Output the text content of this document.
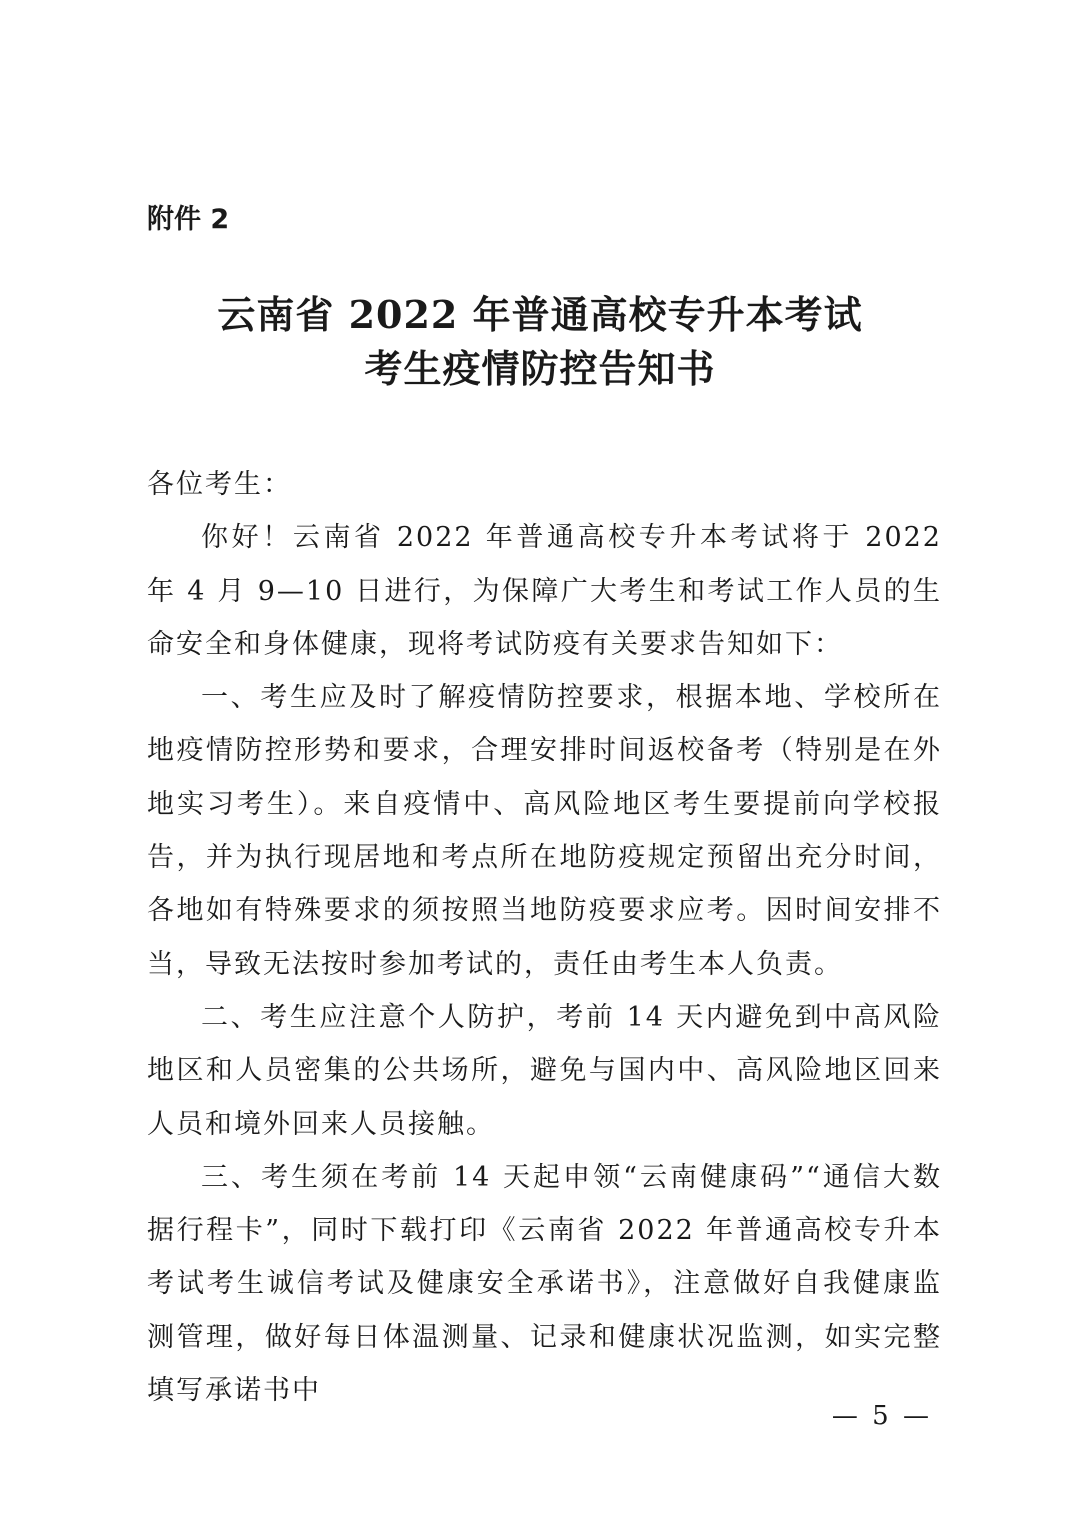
附件 2

云南省 2022 年普通高校专升本考试
考生疫情防控告知书

各位考生：

你好！云南省 2022 年普通高校专升本考试将于 2022 年 4 月 9—10 日进行，为保障广大考生和考试工作人员的生命安全和身体健康，现将考试防疫有关要求告知如下：

一、考生应及时了解疫情防控要求，根据本地、学校所在地疫情防控形势和要求，合理安排时间返校备考（特别是在外地实习考生）。来自疫情中、高风险地区考生要提前向学校报告，并为执行现居地和考点所在地防疫规定预留出充分时间，各地如有特殊要求的须按照当地防疫要求应考。因时间安排不当，导致无法按时参加考试的，责任由考生本人负责。

二、考生应注意个人防护，考前 14 天内避免到中高风险地区和人员密集的公共场所，避免与国内中、高风险地区回来人员和境外回来人员接触。

三、考生须在考前 14 天起申领“云南健康码”“通信大数据行程卡”，同时下载打印《云南省 2022 年普通高校专升本考试考生诚信考试及健康安全承诺书》，注意做好自我健康监测管理，做好每日体温测量、记录和健康状况监测，如实完整填写承诺书中

— 5 —
